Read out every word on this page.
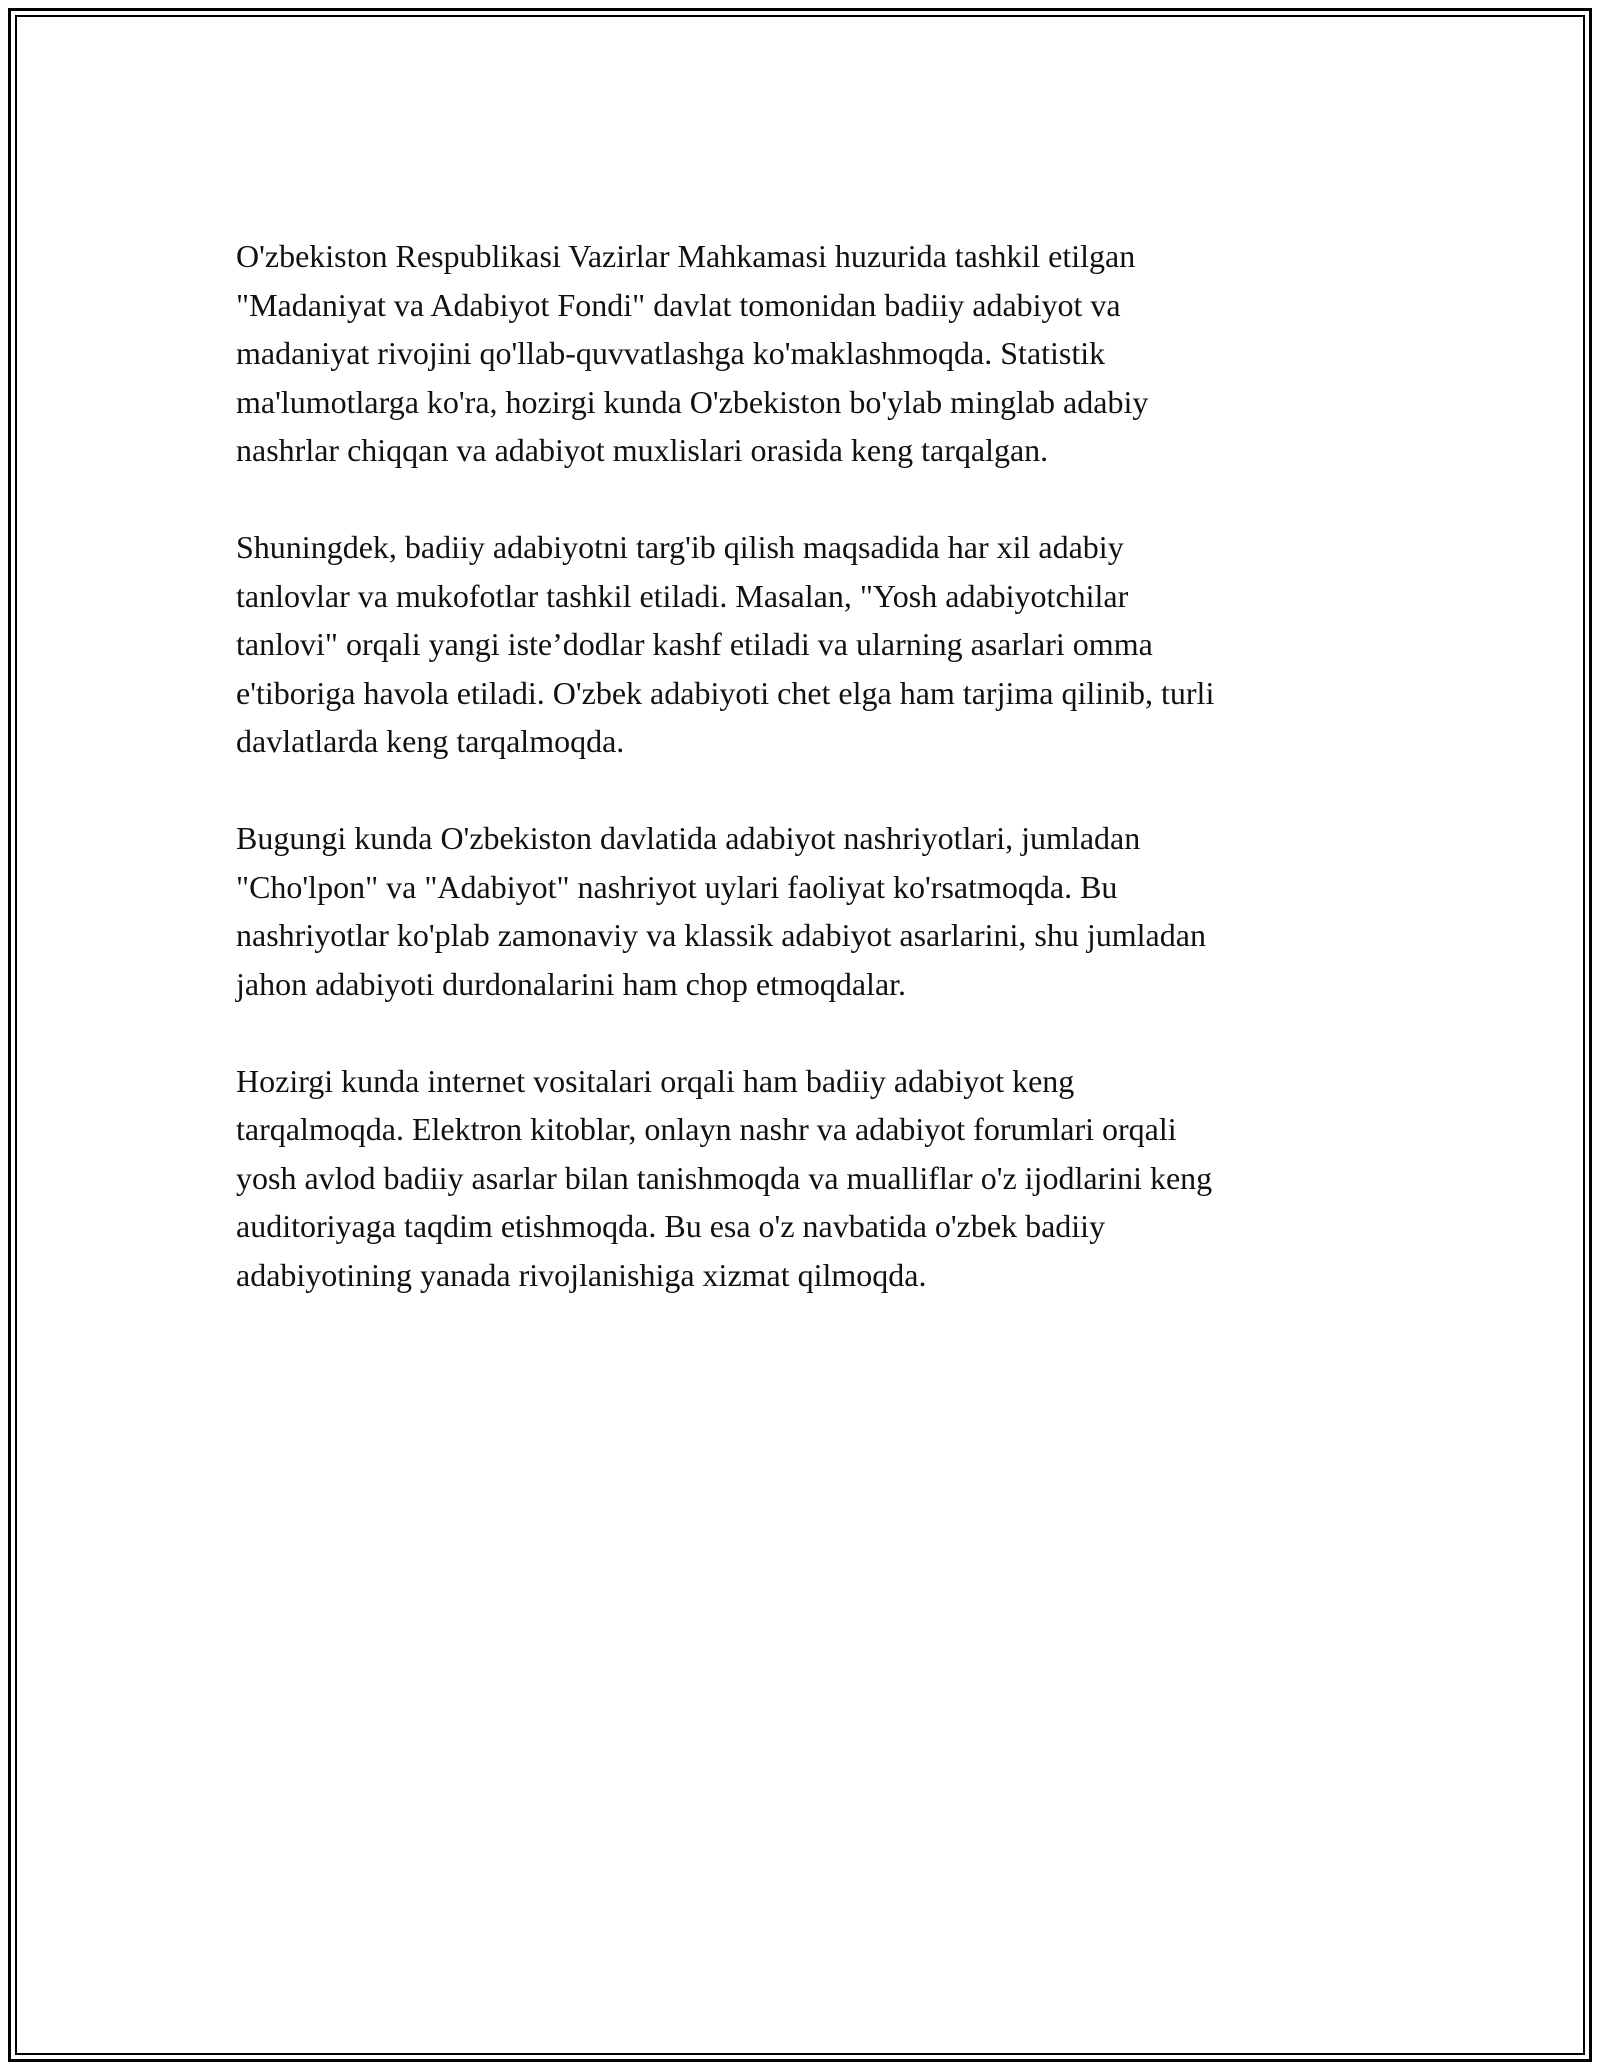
O'zbekiston Respublikasi Vazirlar Mahkamasi huzurida tashkil etilgan
"Madaniyat va Adabiyot Fondi" davlat tomonidan badiiy adabiyot va
madaniyat rivojini qo'llab-quvvatlashga ko'maklashmoqda. Statistik
ma'lumotlarga ko'ra, hozirgi kunda O'zbekiston bo'ylab minglab adabiy
nashrlar chiqqan va adabiyot muxlislari orasida keng tarqalgan.

Shuningdek, badiiy adabiyotni targ'ib qilish maqsadida har xil adabiy
tanlovlar va mukofotlar tashkil etiladi. Masalan, "Yosh adabiyotchilar
tanlovi" orqali yangi iste’dodlar kashf etiladi va ularning asarlari omma
e'tiboriga havola etiladi. O'zbek adabiyoti chet elga ham tarjima qilinib, turli
davlatlarda keng tarqalmoqda.

Bugungi kunda O'zbekiston davlatida adabiyot nashriyotlari, jumladan
"Cho'lpon" va "Adabiyot" nashriyot uylari faoliyat ko'rsatmoqda. Bu
nashriyotlar ko'plab zamonaviy va klassik adabiyot asarlarini, shu jumladan
jahon adabiyoti durdonalarini ham chop etmoqdalar.

Hozirgi kunda internet vositalari orqali ham badiiy adabiyot keng
tarqalmoqda. Elektron kitoblar, onlayn nashr va adabiyot forumlari orqali
yosh avlod badiiy asarlar bilan tanishmoqda va mualliflar o'z ijodlarini keng
auditoriyaga taqdim etishmoqda. Bu esa o'z navbatida o'zbek badiiy
adabiyotining yanada rivojlanishiga xizmat qilmoqda.
